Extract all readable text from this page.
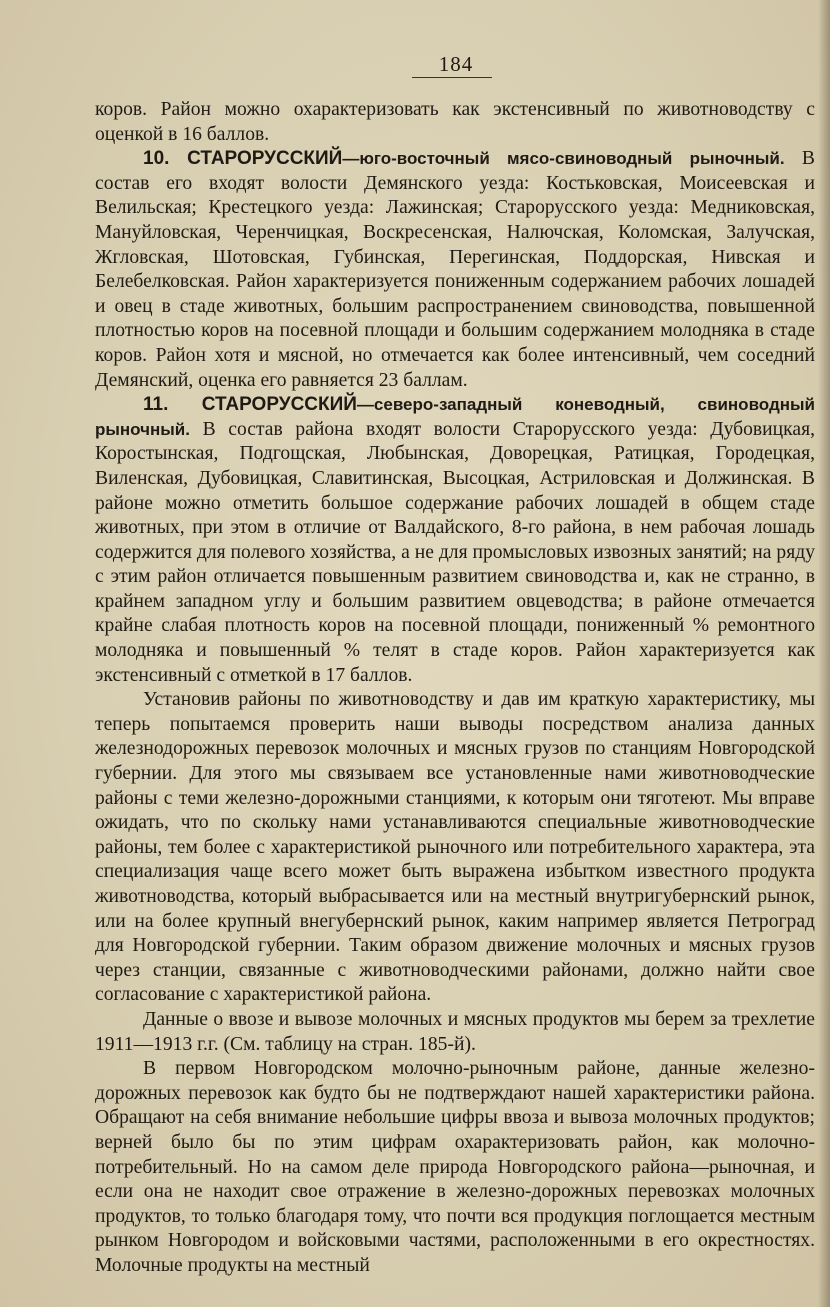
184

коров. Район можно охарактеризовать как экстенсивный по животноводству с оценкой в 16 баллов.

10. СТАРОРУССКИЙ—юго-восточный мясо-свиноводный рыночный. В состав его входят волости Демянского уезда: Костьковская, Моисеевская и Велильская; Крестецкого уезда: Лажинская; Старорусского уезда: Медниковская, Мануйловская, Черенчицкая, Воскресенская, Налючская, Коломская, Залучская, Жгловская, Шотовская, Губинская, Перегинская, Поддорская, Нивская и Белебелковская. Район характеризуется пониженным содержанием рабочих лошадей и овец в стаде животных, большим распространением свиноводства, повышенной плотностью коров на посевной площади и большим содержанием молодняка в стаде коров. Район хотя и мясной, но отмечается как более интенсивный, чем соседний Демянский, оценка его равняется 23 баллам.

11. СТАРОРУССКИЙ—северо-западный коневодный, свиноводный рыночный. В состав района входят волости Старорусского уезда: Дубовицкая, Коростынская, Подгощская, Любынская, Доворецкая, Ратицкая, Городецкая, Виленская, Дубовицкая, Славитинская, Высоцкая, Астриловская и Должинская. В районе можно отметить большое содержание рабочих лошадей в общем стаде животных, при этом в отличие от Валдайского, 8-го района, в нем рабочая лошадь содержится для полевого хозяйства, а не для промысловых извозных занятий; на ряду с этим район отличается повышенным развитием свиноводства и, как не странно, в крайнем западном углу и большим развитием овцеводства; в районе отмечается крайне слабая плотность коров на посевной площади, пониженный % ремонтного молодняка и повышенный % телят в стаде коров. Район характеризуется как экстенсивный с отметкой в 17 баллов.

Установив районы по животноводству и дав им краткую характеристику, мы теперь попытаемся проверить наши выводы посредством анализа данных железнодорожных перевозок молочных и мясных грузов по станциям Новгородской губернии. Для этого мы связываем все установленные нами животноводческие районы с теми железно-дорожными станциями, к которым они тяготеют. Мы вправе ожидать, что по скольку нами устанавливаются специальные животноводческие районы, тем более с характеристикой рыночного или потребительного характера, эта специализация чаще всего может быть выражена избытком известного продукта животноводства, который выбрасывается или на местный внутригубернский рынок, или на более крупный внегубернский рынок, каким например является Петроград для Новгородской губернии. Таким образом движение молочных и мясных грузов через станции, связанные с животноводческими районами, должно найти свое согласование с характеристикой района.

Данные о ввозе и вывозе молочных и мясных продуктов мы берем за трехлетие 1911—1913 г.г. (См. таблицу на стран. 185-й).

В первом Новгородском молочно-рыночным районе, данные железно-дорожных перевозок как будто бы не подтверждают нашей характеристики района. Обращают на себя внимание небольшие цифры ввоза и вывоза молочных продуктов; верней было бы по этим цифрам охарактеризовать район, как молочно-потребительный. Но на самом деле природа Новгородского района—рыночная, и если она не находит свое отражение в железно-дорожных перевозках молочных продуктов, то только благодаря тому, что почти вся продукция поглощается местным рынком Новгородом и войсковыми частями, расположенными в его окрестностях. Молочные продукты на местный
